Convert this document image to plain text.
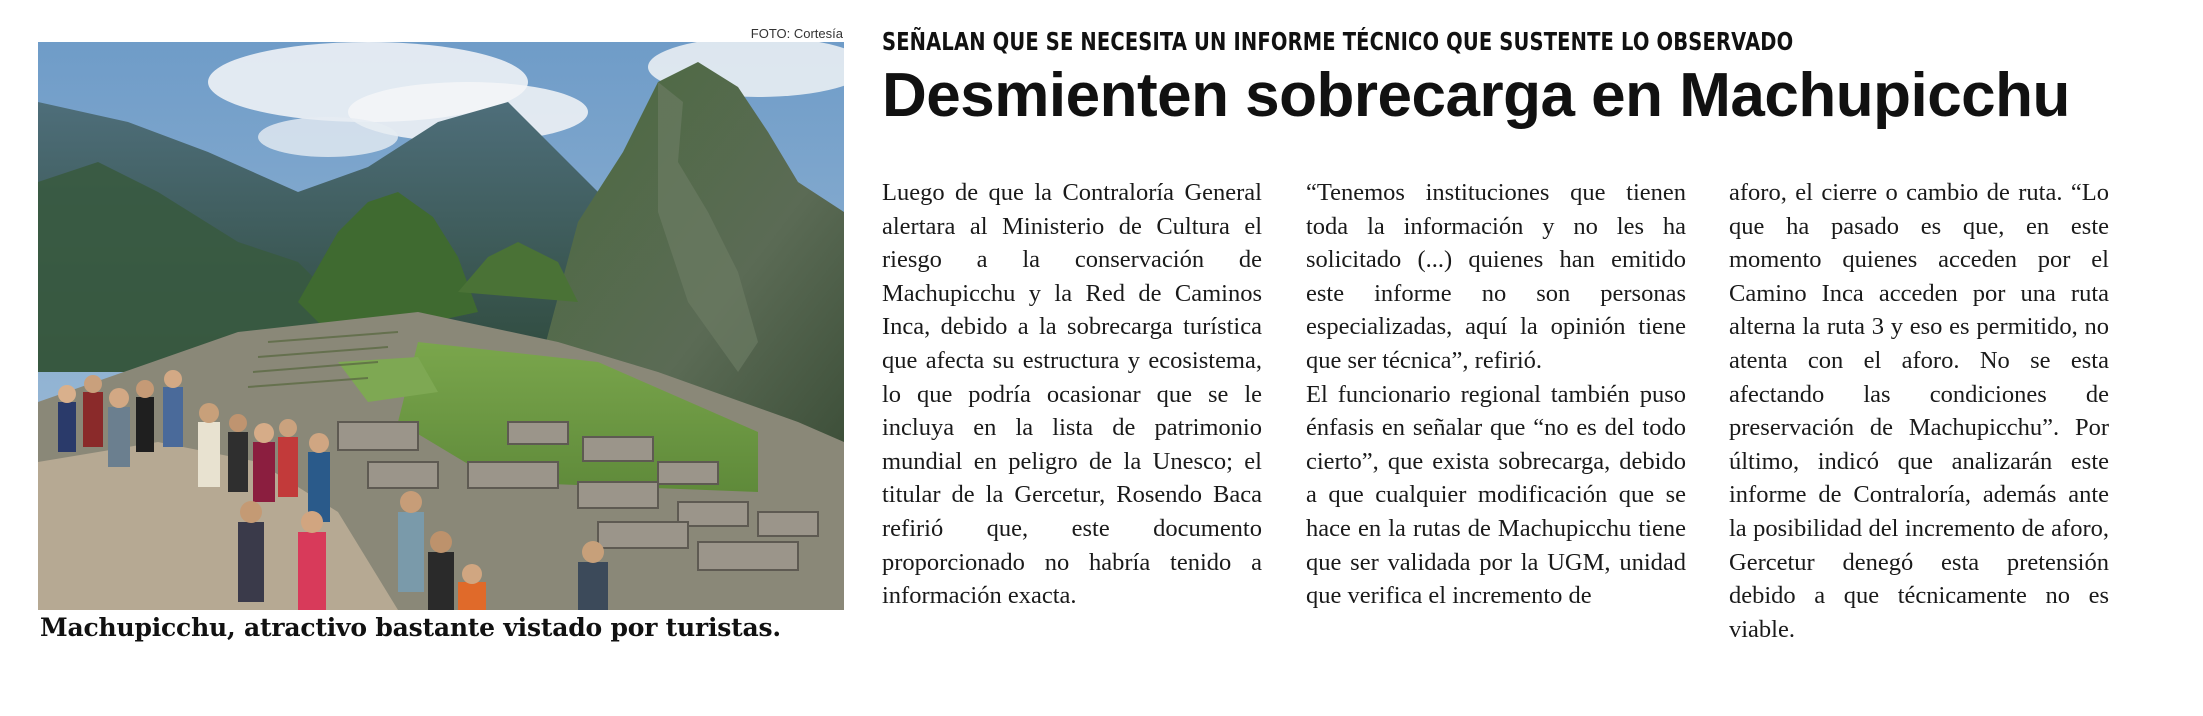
FOTO: Cortesía
Machupicchu, atractivo bastante vistado por turistas.
SEÑALAN QUE SE NECESITA UN INFORME TÉCNICO QUE SUSTENTE LO OBSERVADO
Desmienten sobrecarga en Machupicchu

Luego de que la Contraloría General alertara al Ministerio de Cultura el riesgo a la conservación de Machupicchu y la Red de Caminos Inca, debido a la sobrecarga turística que afecta su estructura y ecosistema, lo que podría ocasionar que se le incluya en la lista de patrimonio mundial en peligro de la Unesco; el titular de la Gercetur, Rosendo Baca refirió que, este documento proporcionado no habría tenido a información exacta.

“Tenemos instituciones que tienen toda la información y no les ha solicitado (...) quienes han emitido este informe no son personas especializadas, aquí la opinión tiene que ser técnica”, refirió.

El funcionario regional también puso énfasis en señalar que “no es del todo cierto”, que exista sobrecarga, debido a que cualquier modificación que se hace en la rutas de Machupicchu tiene que ser validada por la UGM, unidad que verifica el incremento de

aforo, el cierre o cambio de ruta. “Lo que ha pasado es que, en este momento quienes acceden por el Camino Inca acceden por una ruta alterna la ruta 3 y eso es permitido, no atenta con el aforo. No se esta afectando las condiciones de preservación de Machupicchu”. Por último, indicó que analizarán este informe de Contraloría, además ante la posibilidad del incremento de aforo, Gercetur denegó esta pretensión debido a que técnicamente no es viable.
